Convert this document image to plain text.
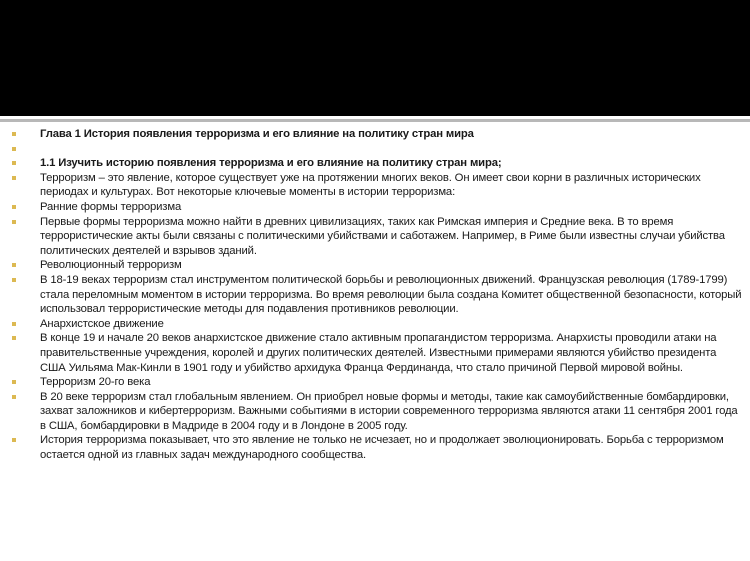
Глава 1 История появления терроризма и его влияние на политику стран мира
1.1 Изучить историю появления терроризма и его влияние на политику стран мира;
Терроризм – это явление, которое существует уже на протяжении многих веков. Он имеет свои корни в различных исторических периодах и культурах. Вот некоторые ключевые моменты в истории терроризма:
Ранние формы терроризма
Первые формы терроризма можно найти в древних цивилизациях, таких как Римская империя и Средние века. В то время террористические акты были связаны с политическими убийствами и саботажем. Например, в Риме были известны случаи убийства политических деятелей и взрывов зданий.
Революционный терроризм
В 18-19 веках терроризм стал инструментом политической борьбы и революционных движений. Французская революция (1789-1799) стала переломным моментом в истории терроризма. Во время революции была создана Комитет общественной безопасности, который использовал террористические методы для подавления противников революции.
Анархистское движение
В конце 19 и начале 20 веков анархистское движение стало активным пропагандистом терроризма. Анархисты проводили атаки на правительственные учреждения, королей и других политических деятелей. Известными примерами являются убийство президента США Уильяма Мак-Кинли в 1901 году и убийство архидука Франца Фердинанда, что стало причиной Первой мировой войны.
Терроризм 20-го века
В 20 веке терроризм стал глобальным явлением. Он приобрел новые формы и методы, такие как самоубийственные бомбардировки, захват заложников и кибертерроризм. Важными событиями в истории современного терроризма являются атаки 11 сентября 2001 года в США, бомбардировки в Мадриде в 2004 году и в Лондоне в 2005 году.
История терроризма показывает, что это явление не только не исчезает, но и продолжает эволюционировать. Борьба с терроризмом остается одной из главных задач международного сообщества.
